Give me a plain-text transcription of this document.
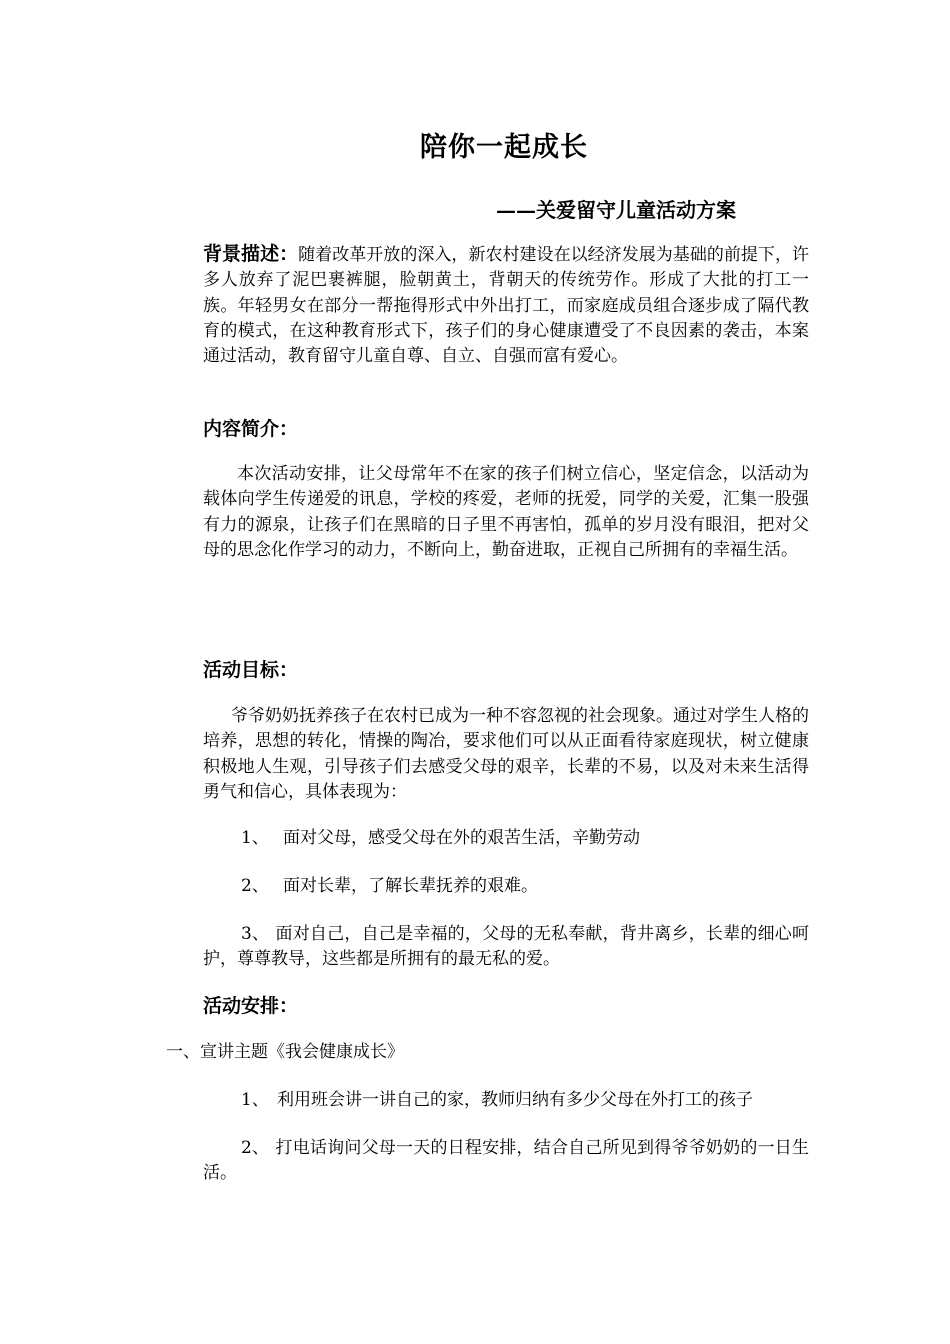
陪你一起成长
——关爱留守儿童活动方案
背景描述：随着改革开放的深入，新农村建设在以经济发展为基础的前提下，许多人放弃了泥巴裹裤腿，脸朝黄土，背朝天的传统劳作。形成了大批的打工一族。年轻男女在部分一帮拖得形式中外出打工，而家庭成员组合逐步成了隔代教育的模式，在这种教育形式下，孩子们的身心健康遭受了不良因素的袭击，本案通过活动，教育留守儿童自尊、自立、自强而富有爱心。
内容简介：
本次活动安排，让父母常年不在家的孩子们树立信心，坚定信念，以活动为载体向学生传递爱的讯息，学校的疼爱，老师的抚爱，同学的关爱，汇集一股强有力的源泉，让孩子们在黑暗的日子里不再害怕，孤单的岁月没有眼泪，把对父母的思念化作学习的动力，不断向上，勤奋进取，正视自己所拥有的幸福生活。
活动目标：
爷爷奶奶抚养孩子在农村已成为一种不容忽视的社会现象。通过对学生人格的培养，思想的转化，情操的陶冶，要求他们可以从正面看待家庭现状，树立健康积极地人生观，引导孩子们去感受父母的艰辛，长辈的不易，以及对未来生活得勇气和信心，具体表现为：
1、 面对父母，感受父母在外的艰苦生活，辛勤劳动
2、 面对长辈，了解长辈抚养的艰难。
3、 面对自己，自己是幸福的，父母的无私奉献，背井离乡，长辈的细心呵护，尊尊教导，这些都是所拥有的最无私的爱。
活动安排：
一、宣讲主题《我会健康成长》
1、 利用班会讲一讲自己的家，教师归纳有多少父母在外打工的孩子
2、 打电话询问父母一天的日程安排，结合自己所见到得爷爷奶奶的一日生活。
